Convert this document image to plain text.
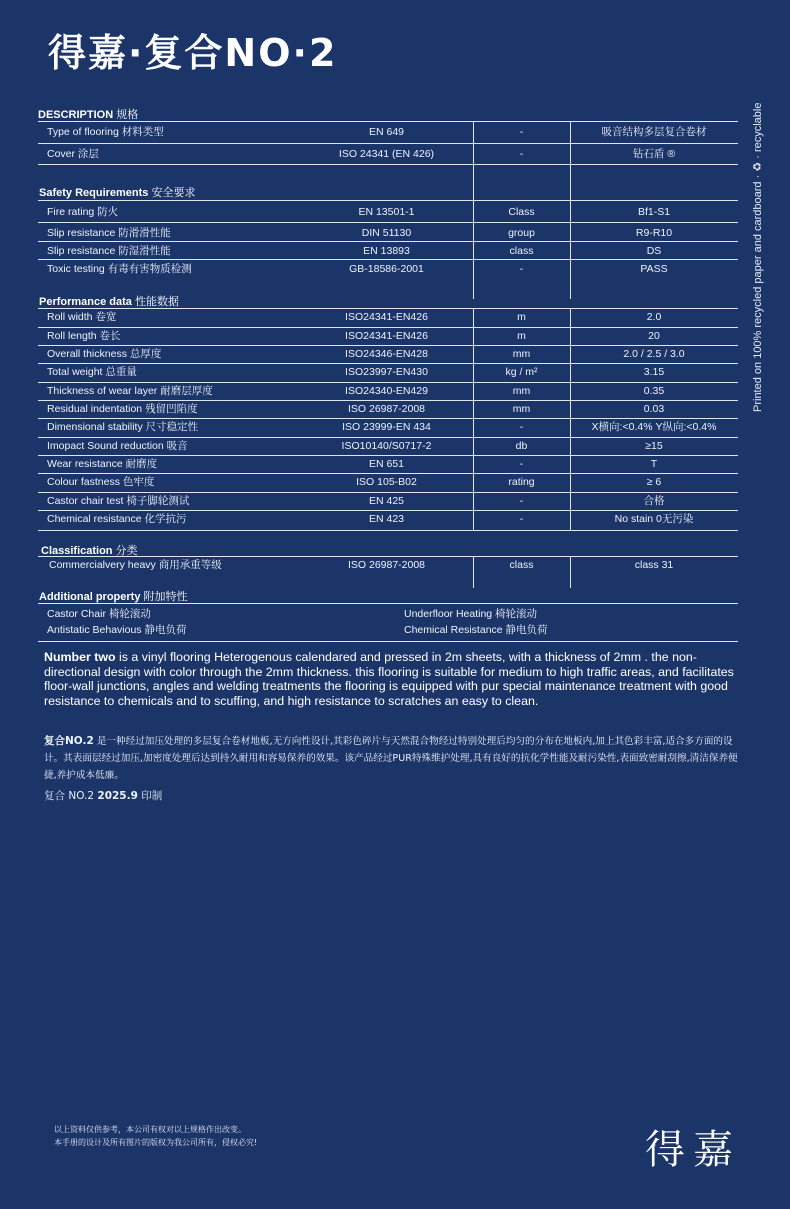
得嘉·复合NO·2
Printed on 100% recycled paper and cardboard · ♻ · recyclable
DESCRIPTION 规格
Type of flooring 材料类型	EN 649	-	吸音结构多层复合卷材
Cover 涂层	ISO 24341 (EN 426)	-	钻石盾 ®
Safety Requirements 安全要求
Fire rating 防火	EN 13501-1	Class	Bf1-S1
Slip resistance 防滑滑性能	DIN 51130	group	R9-R10
Slip resistance 防湿滑性能	EN 13893	class	DS
Toxic testing 有毒有害物质检测	GB-18586-2001	-	PASS
Performance data 性能数据
Roll width 卷宽	ISO24341-EN426	m	2.0
Roll length 卷长	ISO24341-EN426	m	20
Overall thickness 总厚度	ISO24346-EN428	mm	2.0 / 2.5 / 3.0
Total weight 总重量	ISO23997-EN430	kg / m²	3.15
Thickness of wear layer 耐磨层厚度	ISO24340-EN429	mm	0.35
Residual indentation 残留凹陷度	ISO 26987-2008	mm	0.03
Dimensional stability 尺寸稳定性	ISO 23999-EN 434	-	X横向:<0.4% Y纵向:<0.4%
Imopact Sound reduction 吸音	ISO10140/S0717-2	db	≥15
Wear resistance 耐磨度	EN 651	-	T
Colour fastness 色牢度	ISO 105-B02	rating	≥ 6
Castor chair test 椅子脚轮测试	EN 425	-	合格
Chemical resistance 化学抗污	EN 423	-	No stain 0无污染
Classification 分类
Commercialvery heavy 商用承重等级	ISO 26987-2008	class	class 31
Additional property 附加特性
Castor Chair 椅轮滚动	Underfloor Heating 椅轮滚动
Antistatic Behavious 静电负荷	Chemical Resistance 静电负荷
Number two is a vinyl flooring Heterogenous calendared and pressed in 2m sheets, with a thickness of 2mm . the non-directional design with color through the 2mm thickness. this flooring is suitable for medium to high traffic areas, and facilitates floor-wall junctions, angles and welding treatments the flooring is equipped with pur special maintenance treatment with good resistance to chemicals and to scuffing, and high resistance to scratches an easy to clean.
复合NO.2 是一种经过加压处理的多层复合卷材地板,无方向性设计,其彩色碎片与天然混合物经过特别处理后均匀的分布在地板内,加上其色彩丰富,适合多方面的设计。其表面层经过加压,加密度处理后达到持久耐用和容易保养的效果。该产品经过PUR特殊维护处理,具有良好的抗化学性能及耐污染性,表面致密耐刮擦,清洁保养便捷,养护成本低廉。
复合 NO.2 2025.9 印制
以上资料仅供参考，本公司有权对以上规格作出改变。
本手册的设计及所有图片的版权为我公司所有，侵权必究!	得嘉
